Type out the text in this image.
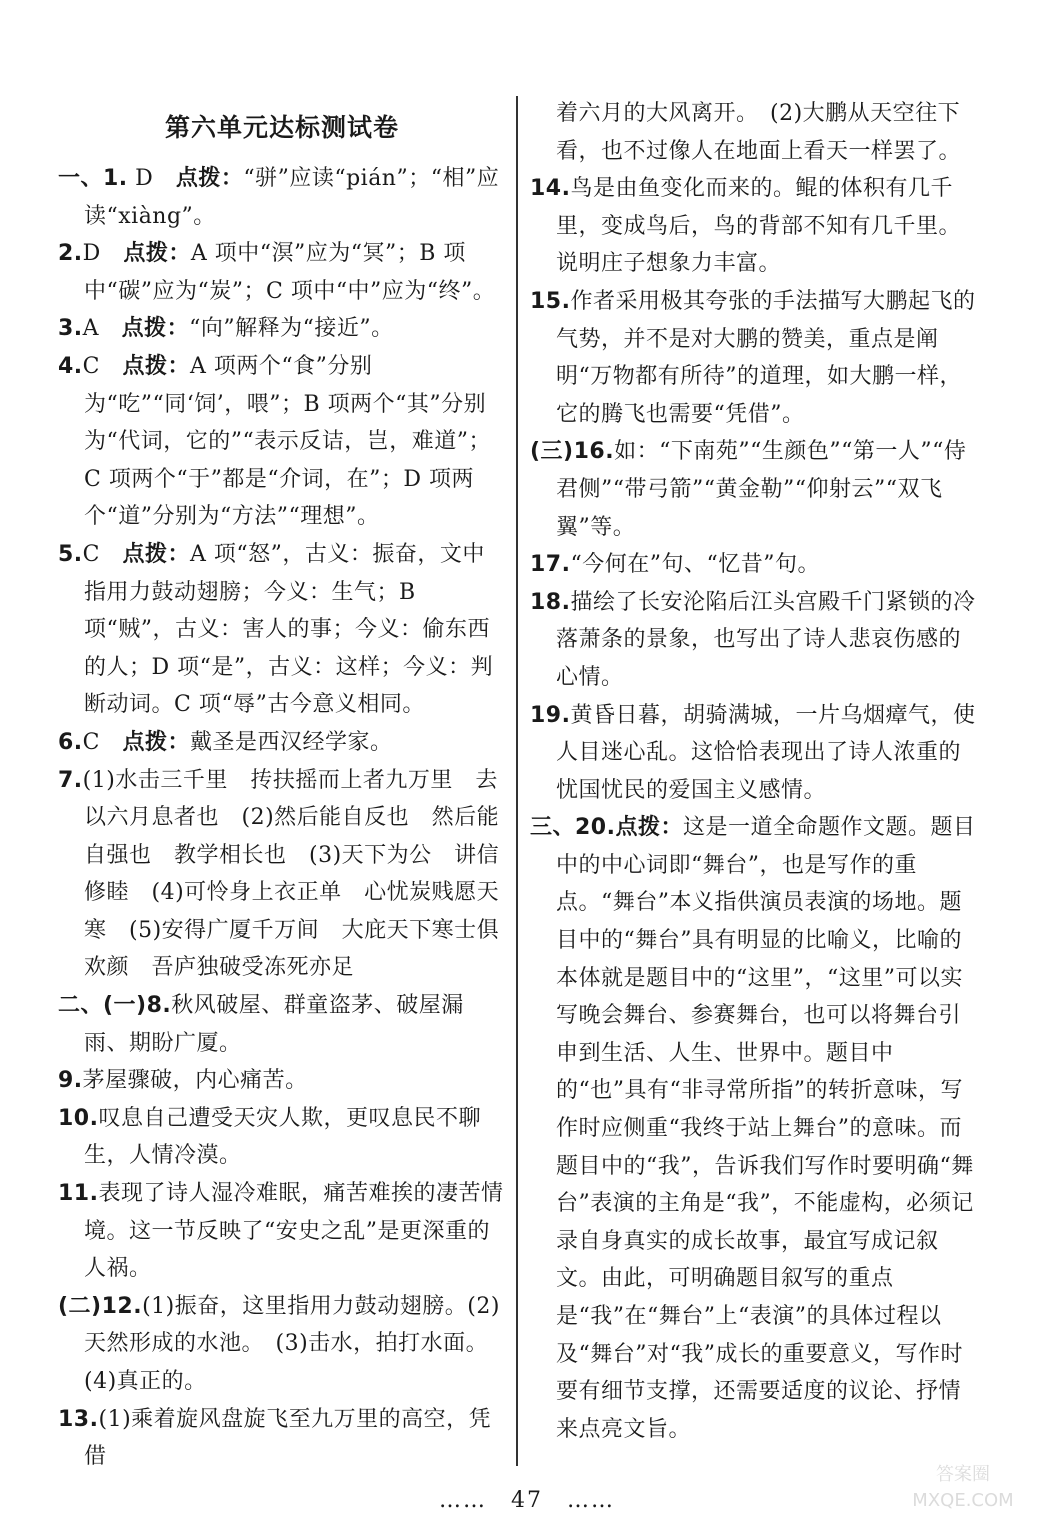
第六单元达标测试卷

一、1. D　点拨：“骈”应读“pián”；“相”应读“xiàng”。

2.D　点拨：A 项中“溟”应为“冥”；B 项中“碳”应为“炭”；C 项中“中”应为“终”。

3.A　点拨：“向”解释为“接近”。

4.C　点拨：A 项两个“食”分别为“吃”“同‘饲’，喂”；B 项两个“其”分别为“代词，它的”“表示反诘，岂，难道”；C 项两个“于”都是“介词，在”；D 项两个“道”分别为“方法”“理想”。

5.C　点拨：A 项“怒”，古义：振奋，文中指用力鼓动翅膀；今义：生气；B 项“贼”，古义：害人的事；今义：偷东西的人；D 项“是”，古义：这样；今义：判断动词。C 项“辱”古今意义相同。

6.C　点拨：戴圣是西汉经学家。

7.(1)水击三千里　抟扶摇而上者九万里　去以六月息者也　(2)然后能自反也　然后能自强也　教学相长也　(3)天下为公　讲信修睦　(4)可怜身上衣正单　心忧炭贱愿天寒　(5)安得广厦千万间　大庇天下寒士俱欢颜　吾庐独破受冻死亦足

二、(一)8.秋风破屋、群童盗茅、破屋漏雨、期盼广厦。

9.茅屋骤破，内心痛苦。

10.叹息自己遭受天灾人欺，更叹息民不聊生，人情冷漠。

11.表现了诗人湿冷难眠，痛苦难挨的凄苦情境。这一节反映了“安史之乱”是更深重的人祸。

(二)12.(1)振奋，这里指用力鼓动翅膀。(2)天然形成的水池。　(3)击水，拍打水面。　(4)真正的。

13.(1)乘着旋风盘旋飞至九万里的高空，凭借

着六月的大风离开。　(2)大鹏从天空往下看，也不过像人在地面上看天一样罢了。

14.鸟是由鱼变化而来的。鲲的体积有几千里，变成鸟后，鸟的背部不知有几千里。说明庄子想象力丰富。

15.作者采用极其夸张的手法描写大鹏起飞的气势，并不是对大鹏的赞美，重点是阐明“万物都有所待”的道理，如大鹏一样，它的腾飞也需要“凭借”。

(三)16.如：“下南苑”“生颜色”“第一人”“侍君侧”“带弓箭”“黄金勒”“仰射云”“双飞翼”等。

17.“今何在”句、“忆昔”句。

18.描绘了长安沦陷后江头宫殿千门紧锁的冷落萧条的景象，也写出了诗人悲哀伤感的心情。

19.黄昏日暮，胡骑满城，一片乌烟瘴气，使人目迷心乱。这恰恰表现出了诗人浓重的忧国忧民的爱国主义感情。

三、20.点拨：这是一道全命题作文题。题目中的中心词即“舞台”，也是写作的重点。“舞台”本义指供演员表演的场地。题目中的“舞台”具有明显的比喻义，比喻的本体就是题目中的“这里”，“这里”可以实写晚会舞台、参赛舞台，也可以将舞台引申到生活、人生、世界中。题目中的“也”具有“非寻常所指”的转折意味，写作时应侧重“我终于站上舞台”的意味。而题目中的“我”，告诉我们写作时要明确“舞台”表演的主角是“我”，不能虚构，必须记录自身真实的成长故事，最宜写成记叙文。由此，可明确题目叙写的重点是“我”在“舞台”上“表演”的具体过程以及“舞台”对“我”成长的重要意义，写作时要有细节支撑，还需要适度的议论、抒情来点亮文旨。

……　47　……
答案圈
MXQE.COM
